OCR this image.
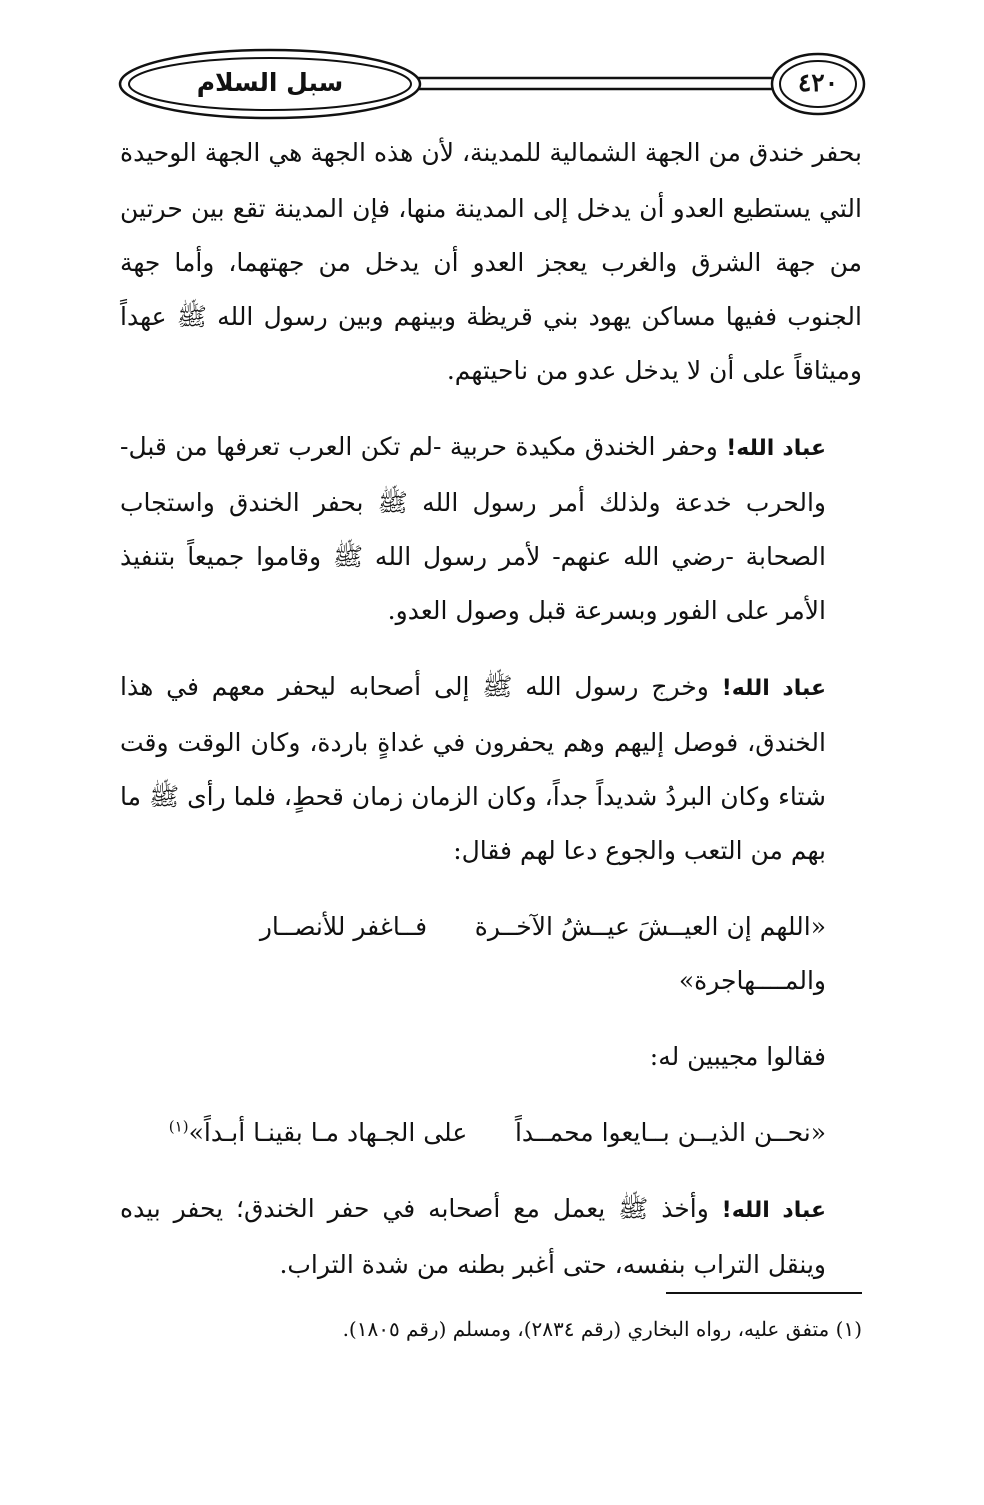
سبل السلام	٤٢٠

بحفر خندق من الجهة الشمالية للمدينة، لأن هذه الجهة هي الجهة الوحيدة التي يستطيع العدو أن يدخل إلى المدينة منها، فإن المدينة تقع بين حرتين من جهة الشرق والغرب يعجز العدو أن يدخل من جهتهما، وأما جهة الجنوب ففيها مساكن يهود بني قريظة وبينهم وبين رسول الله ﷺ عهداً وميثاقاً على أن لا يدخل عدو من ناحيتهم.

عباد الله! وحفر الخندق مكيدة حربية -لم تكن العرب تعرفها من قبل- والحرب خدعة ولذلك أمر رسول الله ﷺ بحفر الخندق واستجاب الصحابة -رضي الله عنهم- لأمر رسول الله ﷺ وقاموا جميعاً بتنفيذ الأمر على الفور وبسرعة قبل وصول العدو.

عباد الله! وخرج رسول الله ﷺ إلى أصحابه ليحفر معهم في هذا الخندق، فوصل إليهم وهم يحفرون في غداةٍ باردة، وكان الوقت وقت شتاء وكان البردُ شديداً جداً، وكان الزمان زمان قحطٍ، فلما رأى ﷺ ما بهم من التعب والجوع دعا لهم فقال:

«اللهم إن العيــشَ عيــشُ الآخــرة      فــاغفر للأنصــار والمــــهاجرة»

فقالوا مجيبين له:

«نحــن الذيــن بــايعوا محمــداً      على الجـهاد مـا بقينـا أبـداً»$^{(١)}$

عباد الله! وأخذ ﷺ يعمل مع أصحابه في حفر الخندق؛ يحفر بيده وينقل التراب بنفسه، حتى أغبر بطنه من شدة التراب.

(١) متفق عليه، رواه البخاري (رقم ٢٨٣٤)، ومسلم (رقم ١٨٠٥).
